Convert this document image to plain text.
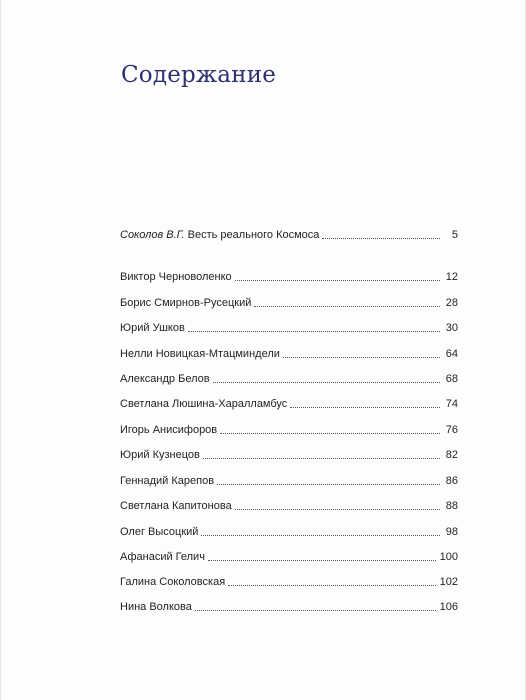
Содержание
Соколов В.Г. Весть реального Космоса	5
Виктор Черноволенко	12
Борис Смирнов-Русецкий	28
Юрий Ушков	30
Нелли Новицкая-Мтацминдели	64
Александр Белов	68
Светлана Люшина-Харалламбус	74
Игорь Анисифоров	76
Юрий Кузнецов	82
Геннадий Карепов	86
Светлана Капитонова	88
Олег Высоцкий	98
Афанасий Гелич	100
Галина Соколовская	102
Нина Волкова	106
